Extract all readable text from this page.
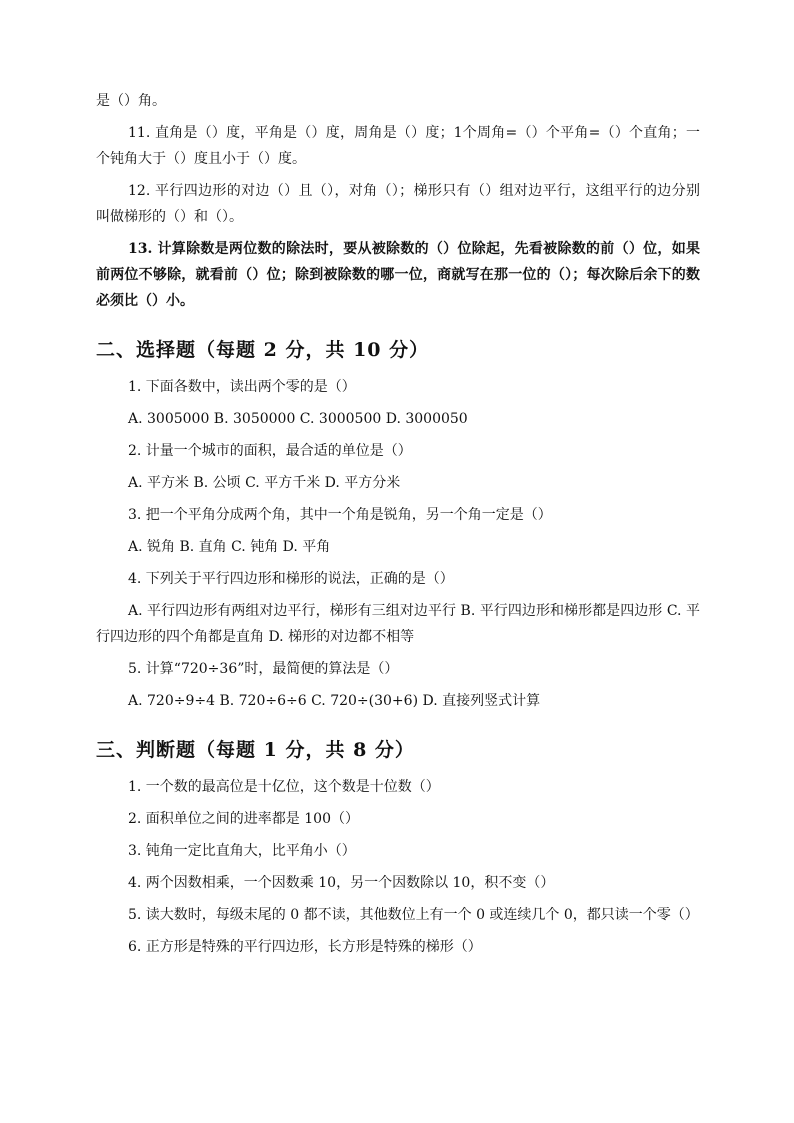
是（）角。

11. 直角是（）度，平角是（）度，周角是（）度；1个周角=（）个平角=（）个直角；一个钝角大于（）度且小于（）度。

12. 平行四边形的对边（）且（），对角（）；梯形只有（）组对边平行，这组平行的边分别叫做梯形的（）和（）。

13. 计算除数是两位数的除法时，要从被除数的（）位除起，先看被除数的前（）位，如果前两位不够除，就看前（）位；除到被除数的哪一位，商就写在那一位的（）；每次除后余下的数必须比（）小。

二、选择题（每题 2 分，共 10 分）

1. 下面各数中，读出两个零的是（）

A. 3005000 B. 3050000 C. 3000500 D. 3000050

2. 计量一个城市的面积，最合适的单位是（）

A. 平方米 B. 公顷 C. 平方千米 D. 平方分米

3. 把一个平角分成两个角，其中一个角是锐角，另一个角一定是（）

A. 锐角 B. 直角 C. 钝角 D. 平角

4. 下列关于平行四边形和梯形的说法，正确的是（）

A. 平行四边形有两组对边平行，梯形有三组对边平行 B. 平行四边形和梯形都是四边形 C. 平行四边形的四个角都是直角 D. 梯形的对边都不相等

5. 计算“720÷36”时，最简便的算法是（）

A. 720÷9÷4 B. 720÷6÷6 C. 720÷(30+6) D. 直接列竖式计算

三、判断题（每题 1 分，共 8 分）

1. 一个数的最高位是十亿位，这个数是十位数（）

2. 面积单位之间的进率都是 100（）

3. 钝角一定比直角大，比平角小（）

4. 两个因数相乘，一个因数乘 10，另一个因数除以 10，积不变（）

5. 读大数时，每级末尾的 0 都不读，其他数位上有一个 0 或连续几个 0，都只读一个零（）

6. 正方形是特殊的平行四边形，长方形是特殊的梯形（）
